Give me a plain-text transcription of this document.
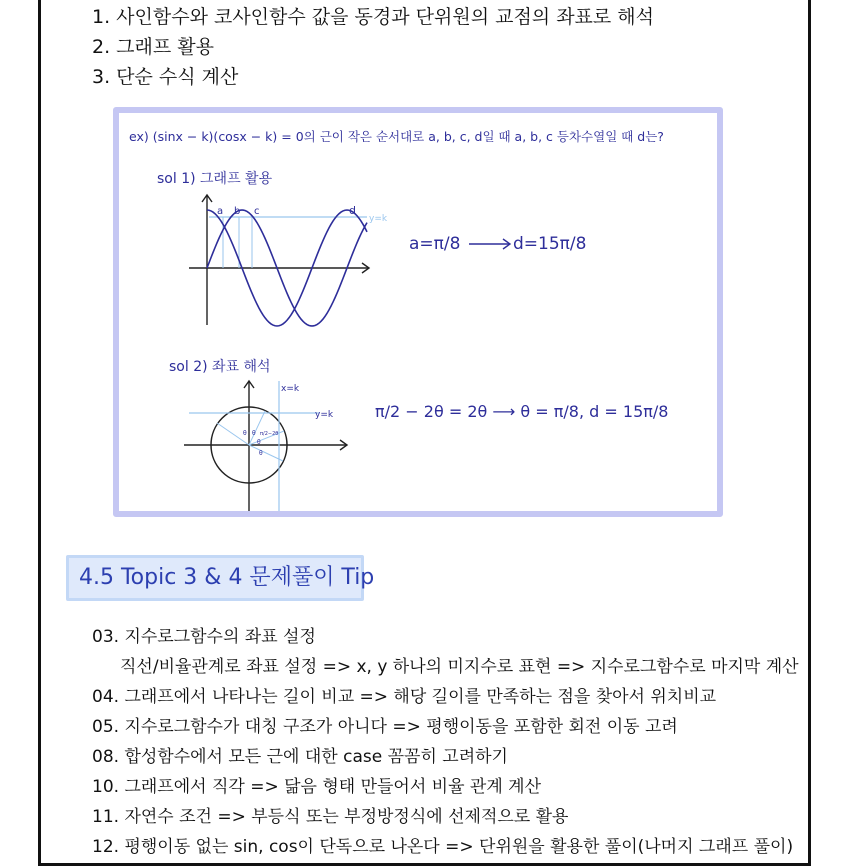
1. 사인함수와 코사인함수 값을 동경과 단위원의 교점의 좌표로 해석
2. 그래프 활용
3. 단순 수식 계산
ex) (sinx − k)(cosx − k) = 0의 근이 작은 순서대로 a, b, c, d일 때 a, b, c 등차수열일 때 d는?
sol 1) 그래프 활용
a b c	d
y=k
a=π/8	d=15π/8
sol 2) 좌표 해석
x=k
y=k
θ θ π/2−2θ
θ
θ
π/2 − 2θ = 2θ ⟶ θ = π/8, d = 15π/8
4.5 Topic 3 & 4 문제풀이 Tip
03. 지수로그함수의 좌표 설정
직선/비율관계로 좌표 설정 => x, y 하나의 미지수로 표현 => 지수로그함수로 마지막 계산
04. 그래프에서 나타나는 길이 비교 => 해당 길이를 만족하는 점을 찾아서 위치비교
05. 지수로그함수가 대칭 구조가 아니다 => 평행이동을 포함한 회전 이동 고려
08. 합성함수에서 모든 근에 대한 case 꼼꼼히 고려하기
10. 그래프에서 직각 => 닮음 형태 만들어서 비율 관계 계산
11. 자연수 조건 => 부등식 또는 부정방정식에 선제적으로 활용
12. 평행이동 없는 sin, cos이 단독으로 나온다 => 단위원을 활용한 풀이(나머지 그래프 풀이)
